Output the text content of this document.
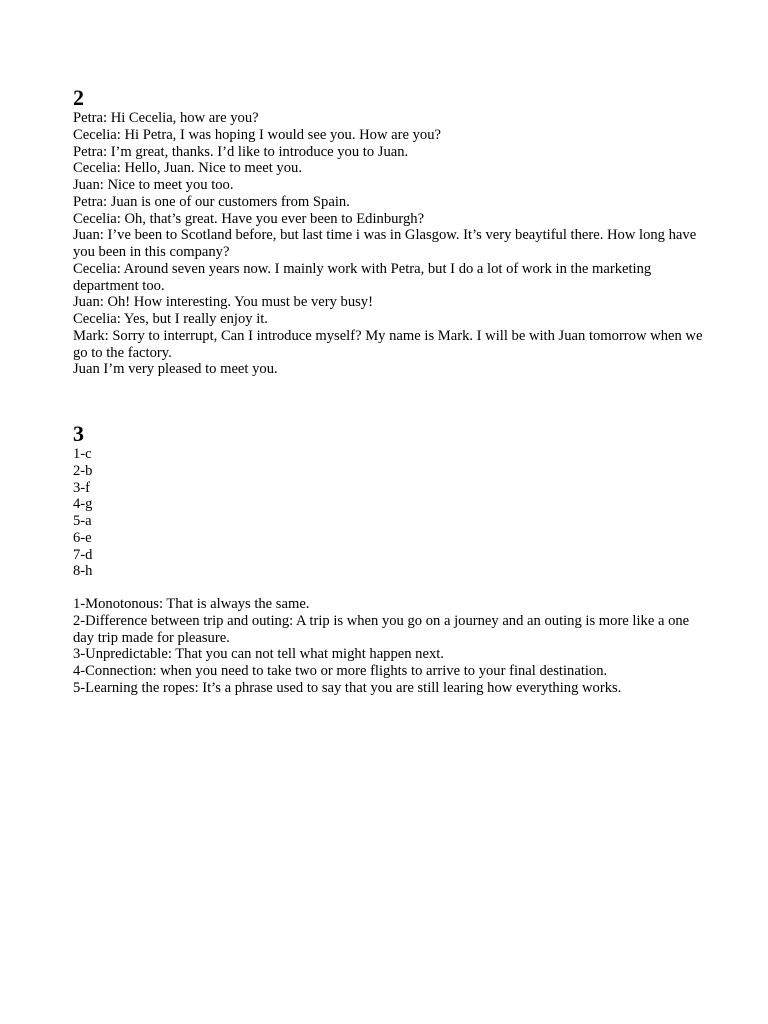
2
Petra: Hi Cecelia, how are you?
Cecelia: Hi Petra, I was hoping I would see you. How are you?
Petra: I’m great, thanks. I’d like to introduce you to Juan.
Cecelia: Hello, Juan. Nice to meet you.
Juan: Nice to meet you too.
Petra: Juan is one of our customers from Spain.
Cecelia: Oh, that’s great. Have you ever been to Edinburgh?
Juan: I’ve been to Scotland before, but last time i was in Glasgow. It’s very beaytiful there. How long have you been in this company?
Cecelia: Around seven years now. I mainly work with Petra, but I do a lot of work in the marketing department too.
Juan: Oh! How interesting. You must be very busy!
Cecelia: Yes, but I really enjoy it.
Mark: Sorry to interrupt, Can I introduce myself? My name is Mark. I will be with Juan tomorrow when we go to the factory.
Juan I’m very pleased to meet you.
3
1-c
2-b
3-f
4-g
5-a
6-e
7-d
8-h
1-Monotonous: That is always the same.
2-Difference between trip and outing: A trip is when you go on a journey and an outing is more like a one day trip made for pleasure.
3-Unpredictable: That you can not tell what might happen next.
4-Connection: when you need to take two or more flights to arrive to your final destination.
5-Learning the ropes: It’s a phrase used to say that you are still learing how everything works.
